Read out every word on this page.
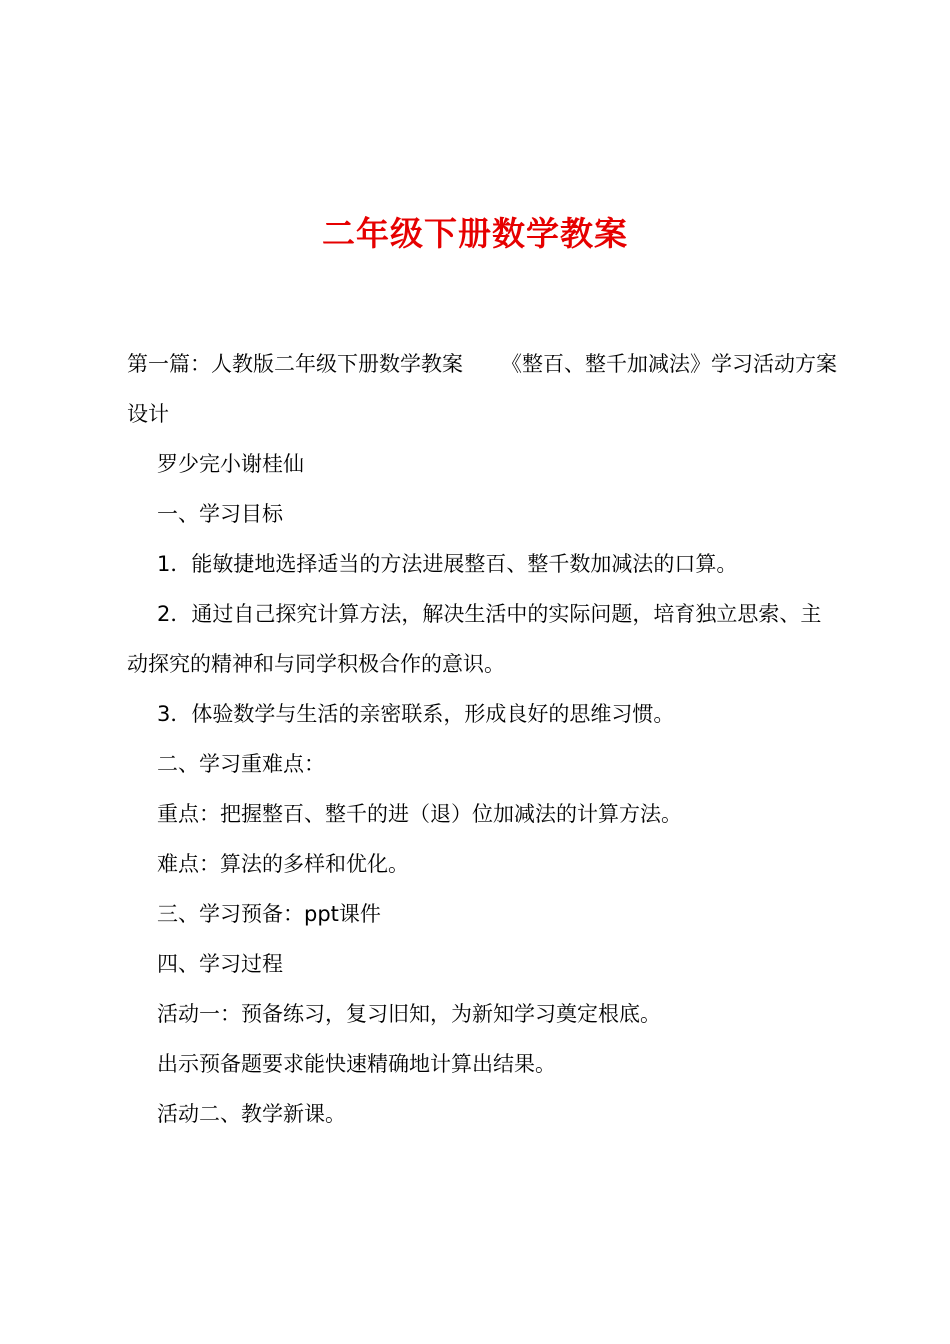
二年级下册数学教案

第一篇：人教版二年级下册数学教案 《整百、整千加减法》学习活动方案设计

罗少完小谢桂仙

一、学习目标

1．能敏捷地选择适当的方法进展整百、整千数加减法的口算。

2．通过自己探究计算方法，解决生活中的实际问题，培育独立思索、主动探究的精神和与同学积极合作的意识。

3．体验数学与生活的亲密联系，形成良好的思维习惯。

二、学习重难点：

重点：把握整百、整千的进（退）位加减法的计算方法。

难点：算法的多样和优化。

三、学习预备：ppt课件

四、学习过程

活动一：预备练习，复习旧知，为新知学习奠定根底。

出示预备题要求能快速精确地计算出结果。

活动二、教学新课。
